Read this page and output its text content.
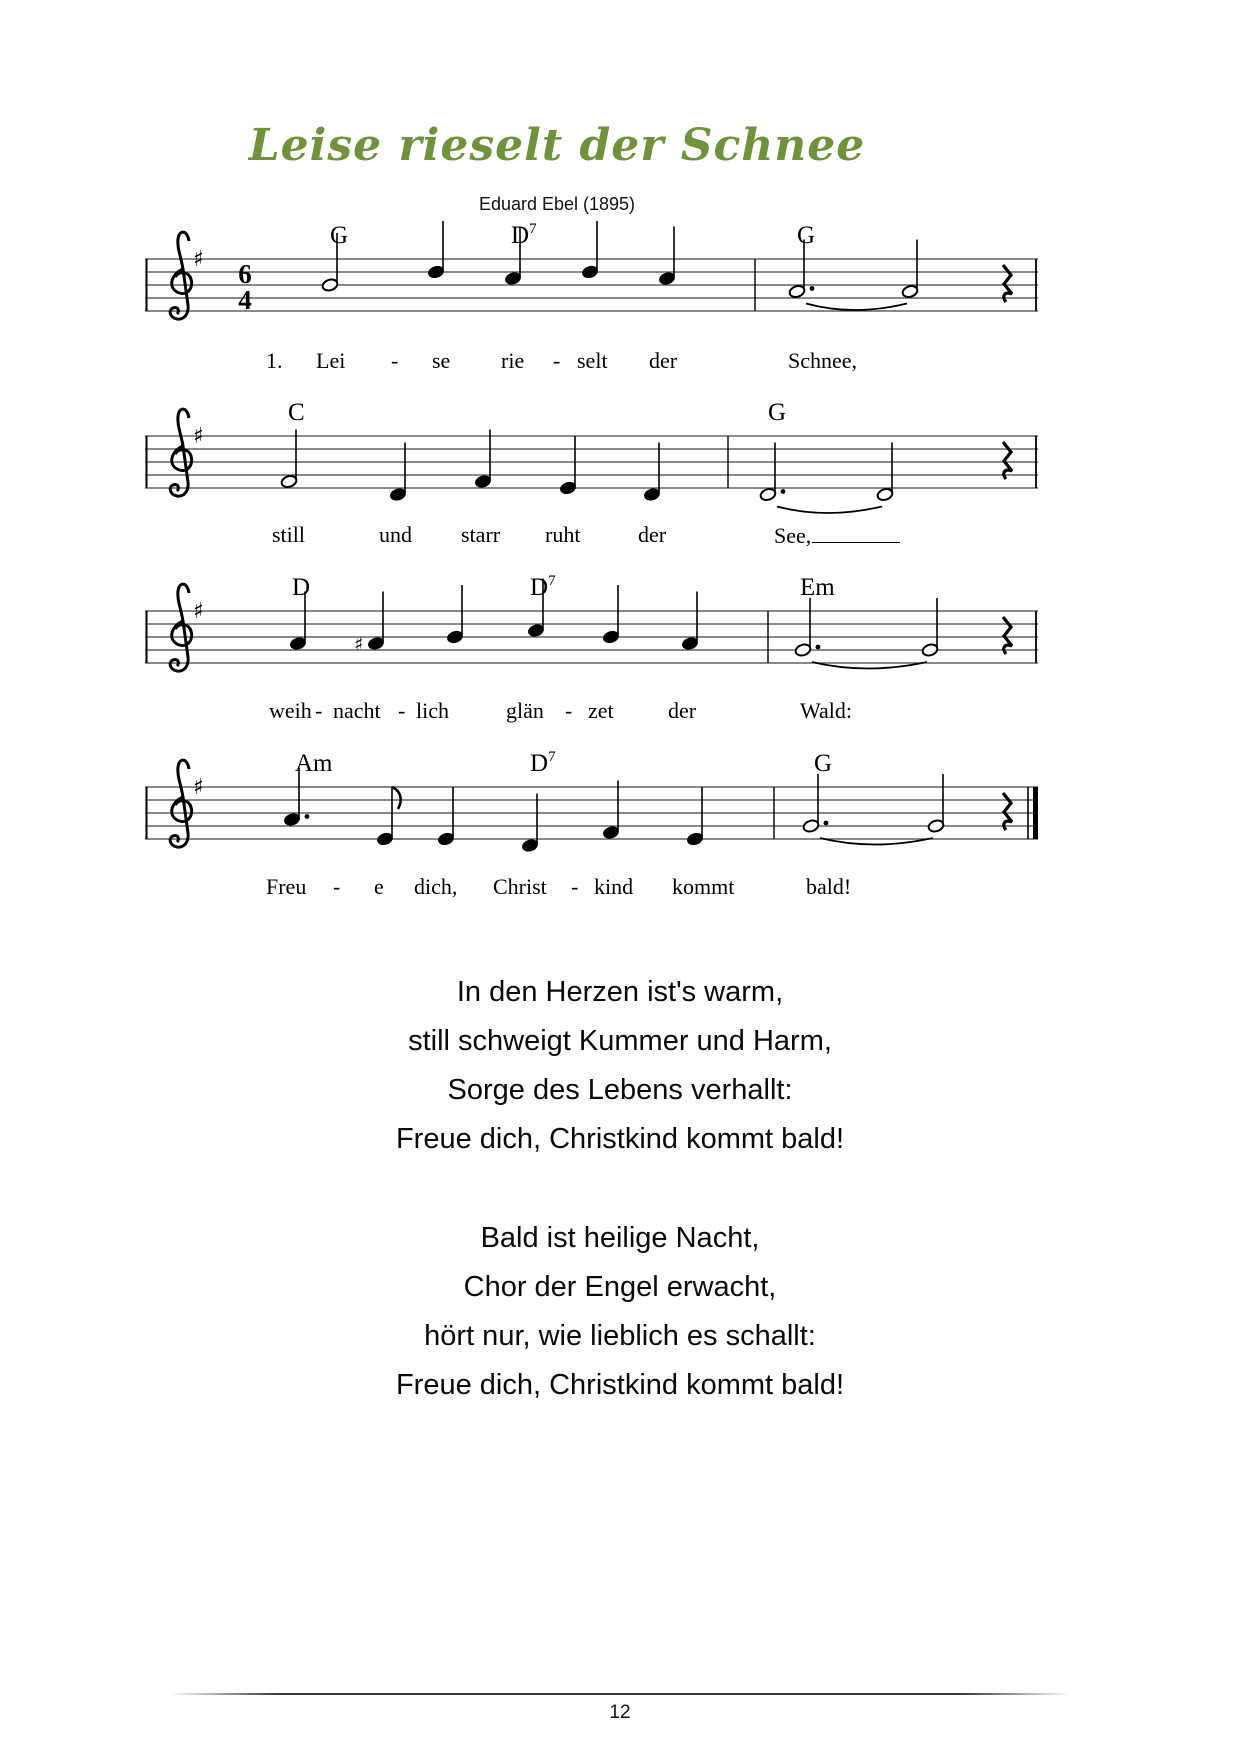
Leise rieselt der Schnee
Eduard Ebel (1895)
♯ 6
4
G	$D^7$	G
1. Lei - se rie - selt der	Schnee,
♯
C	G
still	und starr ruht	der	See,
♯
D	$D^7$	Em
♯
weih - nacht - lich	glän - zet der	Wald:
♯
Am	$D^7$	G
Freu - e dich, Christ - kind kommt	bald!

In den Herzen ist's warm,
still schweigt Kummer und Harm,
Sorge des Lebens verhallt:
Freue dich, Christkind kommt bald!

Bald ist heilige Nacht,
Chor der Engel erwacht,
hört nur, wie lieblich es schallt:
Freue dich, Christkind kommt bald!

12
